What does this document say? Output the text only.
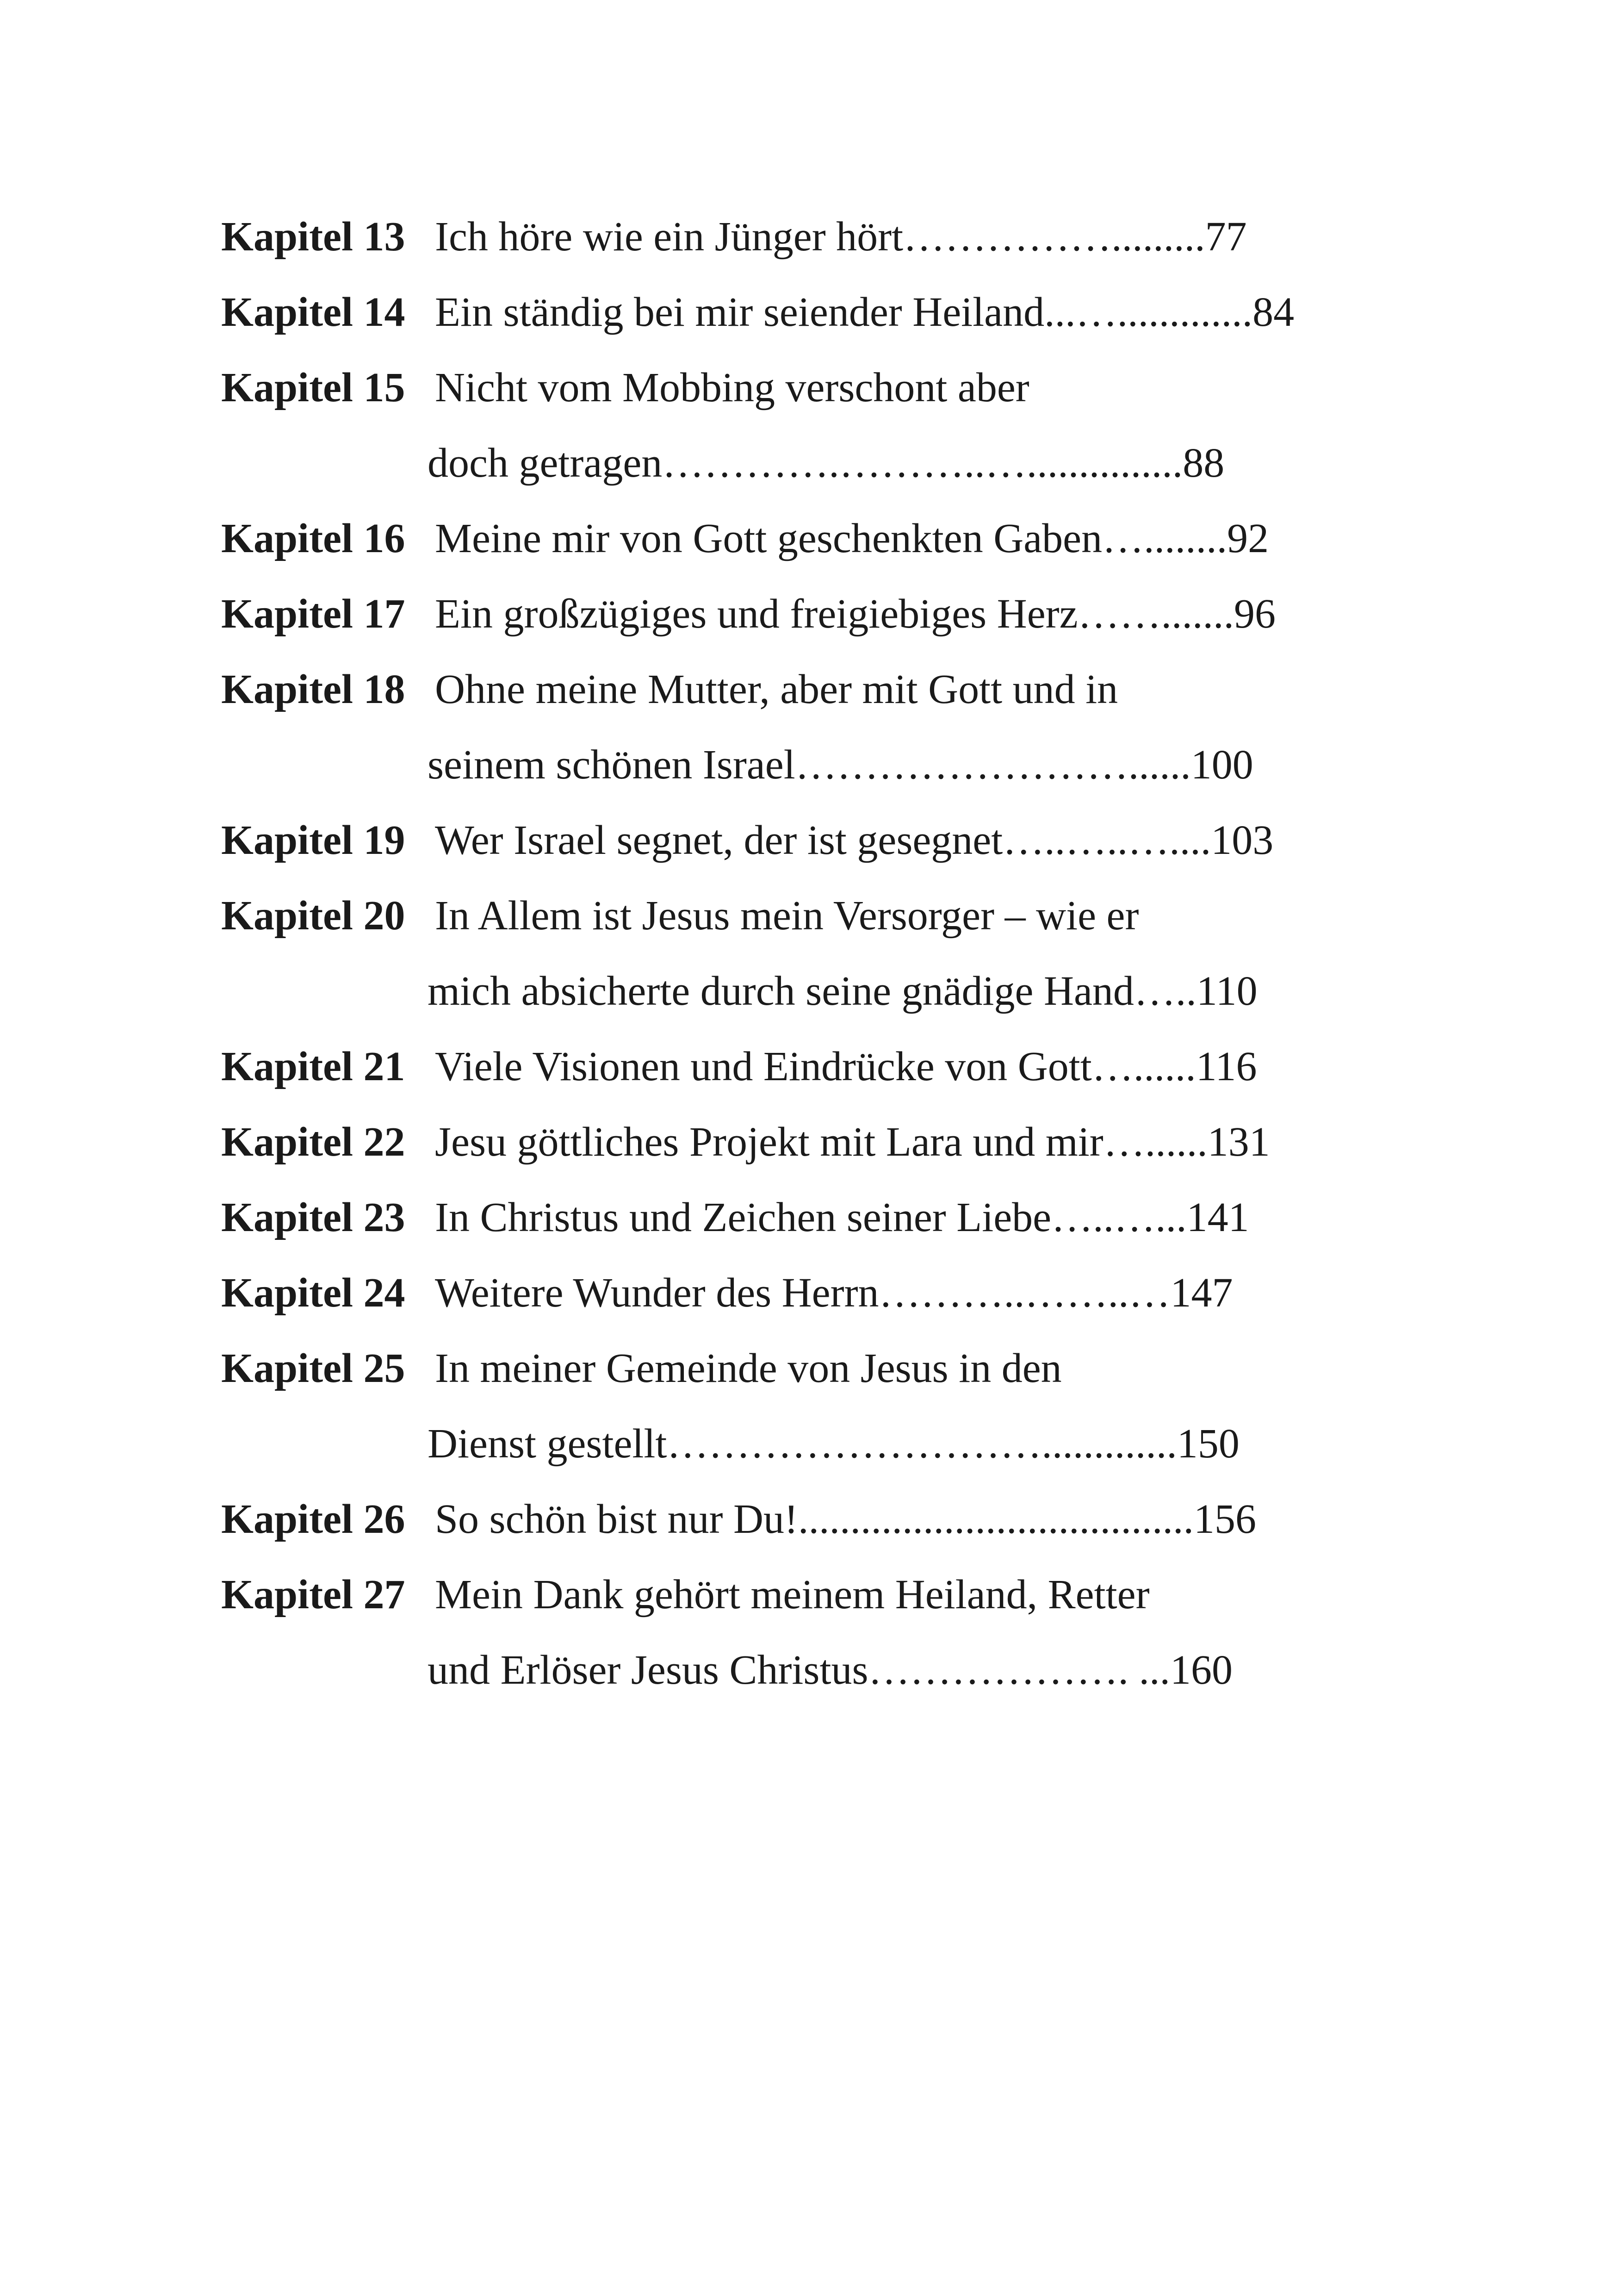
Kapitel 13 Ich höre wie ein Jünger hört…………….........77
Kapitel 14 Ein ständig bei mir seiender Heiland...….............84
Kapitel 15 Nicht vom Mobbing verschont aber
doch getragen………….………..…...............88
Kapitel 16 Meine mir von Gott geschenkten Gaben…........92
Kapitel 17 Ein großzügiges und freigiebiges Herz…….......96
Kapitel 18 Ohne meine Mutter, aber mit Gott und in
seinem schönen Israel……………………......100
Kapitel 19 Wer Israel segnet, der ist gesegnet…..…..…....103
Kapitel 20 In Allem ist Jesus mein Versorger – wie er
mich absicherte durch seine gnädige Hand…..110
Kapitel 21 Viele Visionen und Eindrücke von Gott…......116
Kapitel 22 Jesu göttliches Projekt mit Lara und mir…......131
Kapitel 23 In Christus und Zeichen seiner Liebe…..…...141
Kapitel 24 Weitere Wunder des Herrn………..……..…147
Kapitel 25 In meiner Gemeinde von Jesus in den
Dienst gestellt……………………….............150
Kapitel 26 So schön bist nur Du!......................................156
Kapitel 27 Mein Dank gehört meinem Heiland, Retter
und Erlöser Jesus Christus………………. ...160
